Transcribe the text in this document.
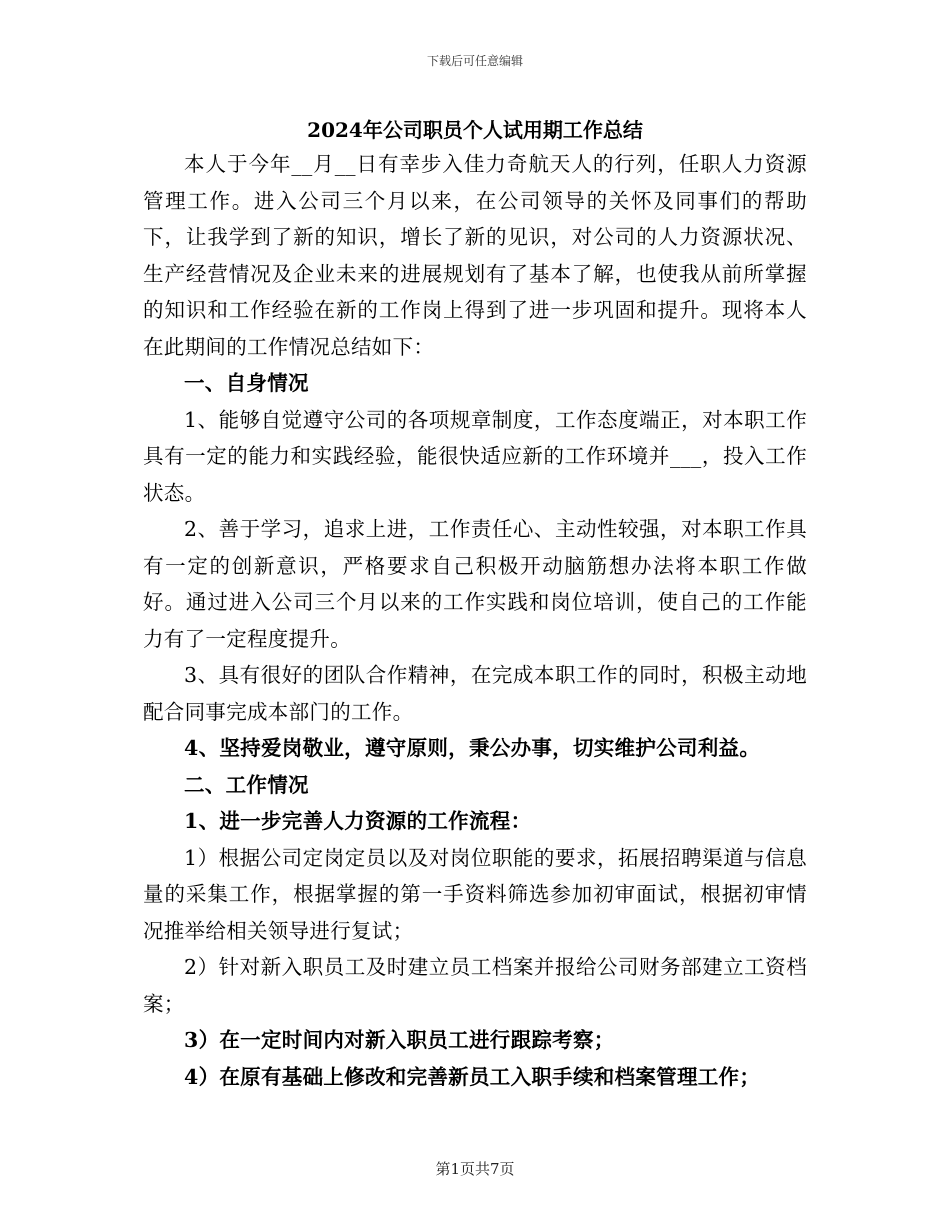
下载后可任意编辑
2024年公司职员个人试用期工作总结

本人于今年__月__日有幸步入佳力奇航天人的行列，任职人力资源管理工作。进入公司三个月以来，在公司领导的关怀及同事们的帮助下，让我学到了新的知识，增长了新的见识，对公司的人力资源状况、生产经营情况及企业未来的进展规划有了基本了解，也使我从前所掌握的知识和工作经验在新的工作岗上得到了进一步巩固和提升。现将本人在此期间的工作情况总结如下：

一、自身情况

1、能够自觉遵守公司的各项规章制度，工作态度端正，对本职工作具有一定的能力和实践经验，能很快适应新的工作环境并___，投入工作状态。

2、善于学习，追求上进，工作责任心、主动性较强，对本职工作具有一定的创新意识，严格要求自己积极开动脑筋想办法将本职工作做好。通过进入公司三个月以来的工作实践和岗位培训，使自己的工作能力有了一定程度提升。

3、具有很好的团队合作精神，在完成本职工作的同时，积极主动地配合同事完成本部门的工作。

4、坚持爱岗敬业，遵守原则，秉公办事，切实维护公司利益。

二、工作情况

1、进一步完善人力资源的工作流程：

1）根据公司定岗定员以及对岗位职能的要求，拓展招聘渠道与信息量的采集工作，根据掌握的第一手资料筛选参加初审面试，根据初审情况推举给相关领导进行复试；

2）针对新入职员工及时建立员工档案并报给公司财务部建立工资档案；

3）在一定时间内对新入职员工进行跟踪考察；

4）在原有基础上修改和完善新员工入职手续和档案管理工作；

第1页共7页
